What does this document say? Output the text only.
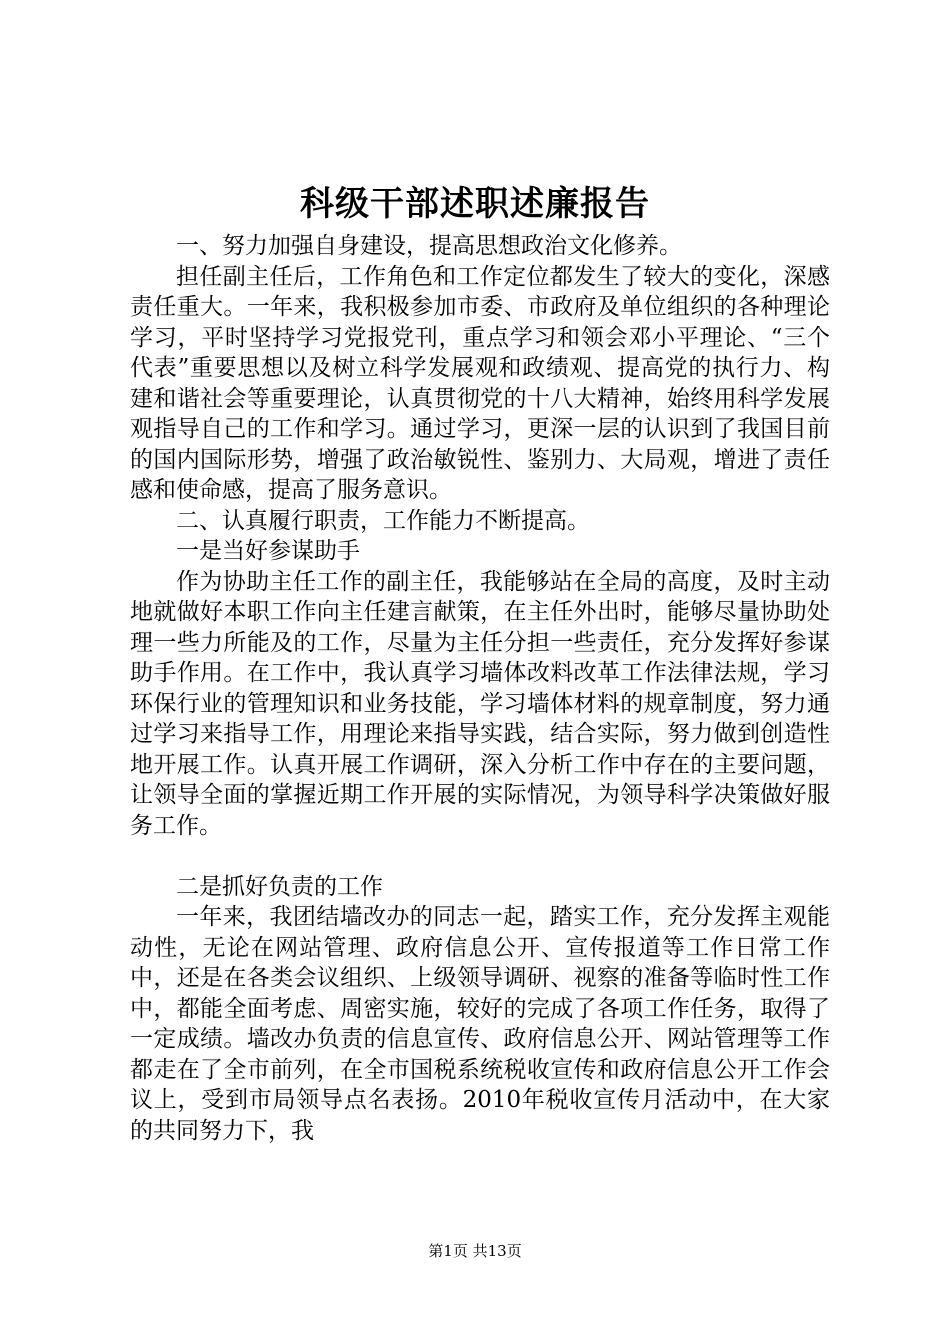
科级干部述职述廉报告

一、努力加强自身建设，提高思想政治文化修养。

担任副主任后，工作角色和工作定位都发生了较大的变化，深感责任重大。一年来，我积极参加市委、市政府及单位组织的各种理论学习，平时坚持学习党报党刊，重点学习和领会邓小平理论、“三个代表”重要思想以及树立科学发展观和政绩观、提高党的执行力、构建和谐社会等重要理论，认真贯彻党的十八大精神，始终用科学发展观指导自己的工作和学习。通过学习，更深一层的认识到了我国目前的国内国际形势，增强了政治敏锐性、鉴别力、大局观，增进了责任感和使命感，提高了服务意识。

二、认真履行职责，工作能力不断提高。

一是当好参谋助手

作为协助主任工作的副主任，我能够站在全局的高度，及时主动地就做好本职工作向主任建言献策，在主任外出时，能够尽量协助处理一些力所能及的工作，尽量为主任分担一些责任，充分发挥好参谋助手作用。在工作中，我认真学习墙体改料改革工作法律法规，学习环保行业的管理知识和业务技能，学习墙体材料的规章制度，努力通过学习来指导工作，用理论来指导实践，结合实际，努力做到创造性地开展工作。认真开展工作调研，深入分析工作中存在的主要问题，让领导全面的掌握近期工作开展的实际情况，为领导科学决策做好服务工作。

二是抓好负责的工作

一年来，我团结墙改办的同志一起，踏实工作，充分发挥主观能动性，无论在网站管理、政府信息公开、宣传报道等工作日常工作中，还是在各类会议组织、上级领导调研、视察的准备等临时性工作中，都能全面考虑、周密实施，较好的完成了各项工作任务，取得了一定成绩。墙改办负责的信息宣传、政府信息公开、网站管理等工作都走在了全市前列，在全市国税系统税收宣传和政府信息公开工作会议上，受到市局领导点名表扬。2010年税收宣传月活动中，在大家的共同努力下，我

第1页 共13页
